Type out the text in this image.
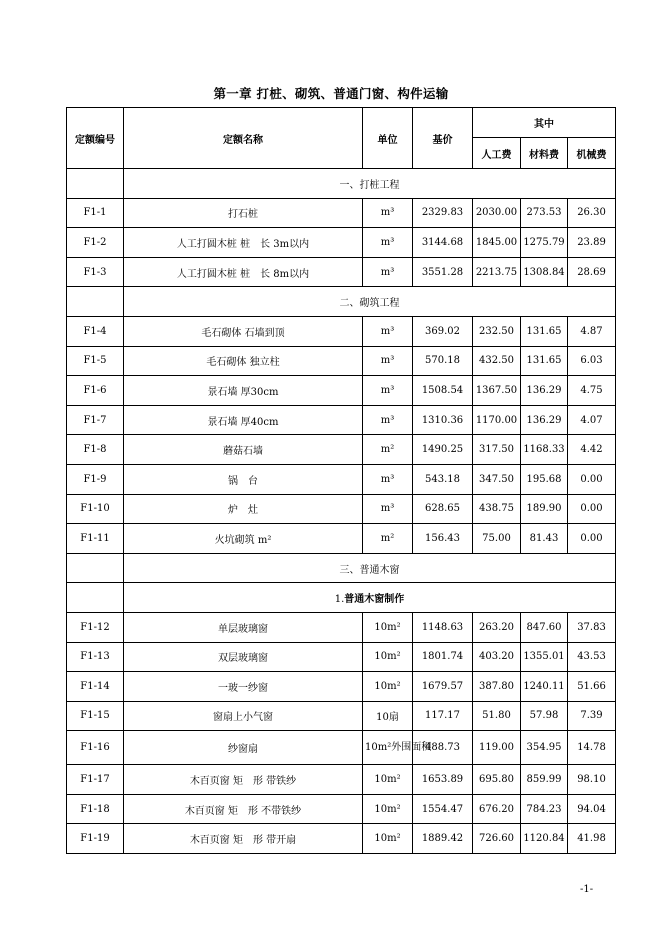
第一章 打桩、砌筑、普通门窗、构件运输
定额编号	定额名称	单位	基价	其中		
				人工费	材料费	机械费
	一、打桩工程					
F1-1	打石桩	m³	2329.83	2030.00	273.53	26.30
F1-2	人工打圆木桩 桩　长 3m以内	m³	3144.68	1845.00	1275.79	23.89
F1-3	人工打圆木桩 桩　长 8m以内	m³	3551.28	2213.75	1308.84	28.69
	二、砌筑工程					
F1-4	毛石砌体 石墙到顶	m³	369.02	232.50	131.65	4.87
F1-5	毛石砌体 独立柱	m³	570.18	432.50	131.65	6.03
F1-6	景石墙 厚30cm	m³	1508.54	1367.50	136.29	4.75
F1-7	景石墙 厚40cm	m³	1310.36	1170.00	136.29	4.07
F1-8	蘑菇石墙	m²	1490.25	317.50	1168.33	4.42
F1-9	锅　台	m³	543.18	347.50	195.68	0.00
F1-10	炉　灶	m³	628.65	438.75	189.90	0.00
F1-11	火坑砌筑 m²	m²	156.43	75.00	81.43	0.00
	三、普通木窗					
	1.普通木窗制作					
F1-12	单层玻璃窗	10m²	1148.63	263.20	847.60	37.83
F1-13	双层玻璃窗	10m²	1801.74	403.20	1355.01	43.53
F1-14	一玻一纱窗	10m²	1679.57	387.80	1240.11	51.66
F1-15	窗扇上小气窗	10扇	117.17	51.80	57.98	7.39
F1-16	纱窗扇	10m²外围面积	488.73	119.00	354.95	14.78
F1-17	木百页窗 矩　形 带铁纱	10m²	1653.89	695.80	859.99	98.10
F1-18	木百页窗 矩　形 不带铁纱	10m²	1554.47	676.20	784.23	94.04
F1-19	木百页窗 矩　形 带开扇	10m²	1889.42	726.60	1120.84	41.98
-1-
